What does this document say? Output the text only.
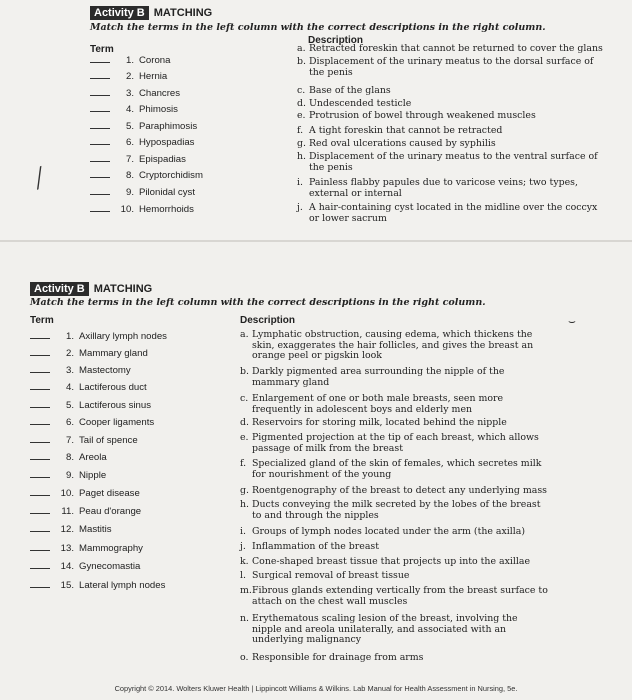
Activity B MATCHING
Match the terms in the left column with the correct descriptions in the right column.
Term
Description
1. Corona
2. Hernia
3. Chancres
4. Phimosis
5. Paraphimosis
6. Hypospadias
7. Epispadias
8. Cryptorchidism
9. Pilonidal cyst
10. Hemorrhoids
a. Retracted foreskin that cannot be returned to cover the glans
b. Displacement of the urinary meatus to the dorsal surface of
the penis
c. Base of the glans
d. Undescended testicle
e. Protrusion of bowel through weakened muscles
f. A tight foreskin that cannot be retracted
g. Red oval ulcerations caused by syphilis
h. Displacement of the urinary meatus to the ventral surface of
the penis
i. Painless flabby papules due to varicose veins; two types,
external or internal
j. A hair-containing cyst located in the midline over the coccyx
or lower sacrum
╱
Activity B MATCHING
Match the terms in the left column with the correct descriptions in the right column.
Term	Description
1. Axillary lymph nodes
2. Mammary gland
3. Mastectomy
4. Lactiferous duct
5. Lactiferous sinus
6. Cooper ligaments
7. Tail of spence
8. Areola
9. Nipple
10. Paget disease
11. Peau d'orange
12. Mastitis
13. Mammography
14. Gynecomastia
15. Lateral lymph nodes
a. Lymphatic obstruction, causing edema, which thickens the
skin, exaggerates the hair follicles, and gives the breast an
orange peel or pigskin look
b. Darkly pigmented area surrounding the nipple of the
mammary gland
c. Enlargement of one or both male breasts, seen more
frequently in adolescent boys and elderly men
d. Reservoirs for storing milk, located behind the nipple
e. Pigmented projection at the tip of each breast, which allows
passage of milk from the breast
f. Specialized gland of the skin of females, which secretes milk
for nourishment of the young
g. Roentgenography of the breast to detect any underlying mass
h. Ducts conveying the milk secreted by the lobes of the breast
to and through the nipples
i. Groups of lymph nodes located under the arm (the axilla)
j. Inflammation of the breast
k. Cone-shaped breast tissue that projects up into the axillae
l. Surgical removal of breast tissue
m.Fibrous glands extending vertically from the breast surface to
attach on the chest wall muscles
n. Erythematous scaling lesion of the breast, involving the
nipple and areola unilaterally, and associated with an
underlying malignancy
o. Responsible for drainage from arms
⌣
Copyright © 2014. Wolters Kluwer Health | Lippincott Williams & Wilkins. Lab Manual for Health Assessment in Nursing, 5e.
